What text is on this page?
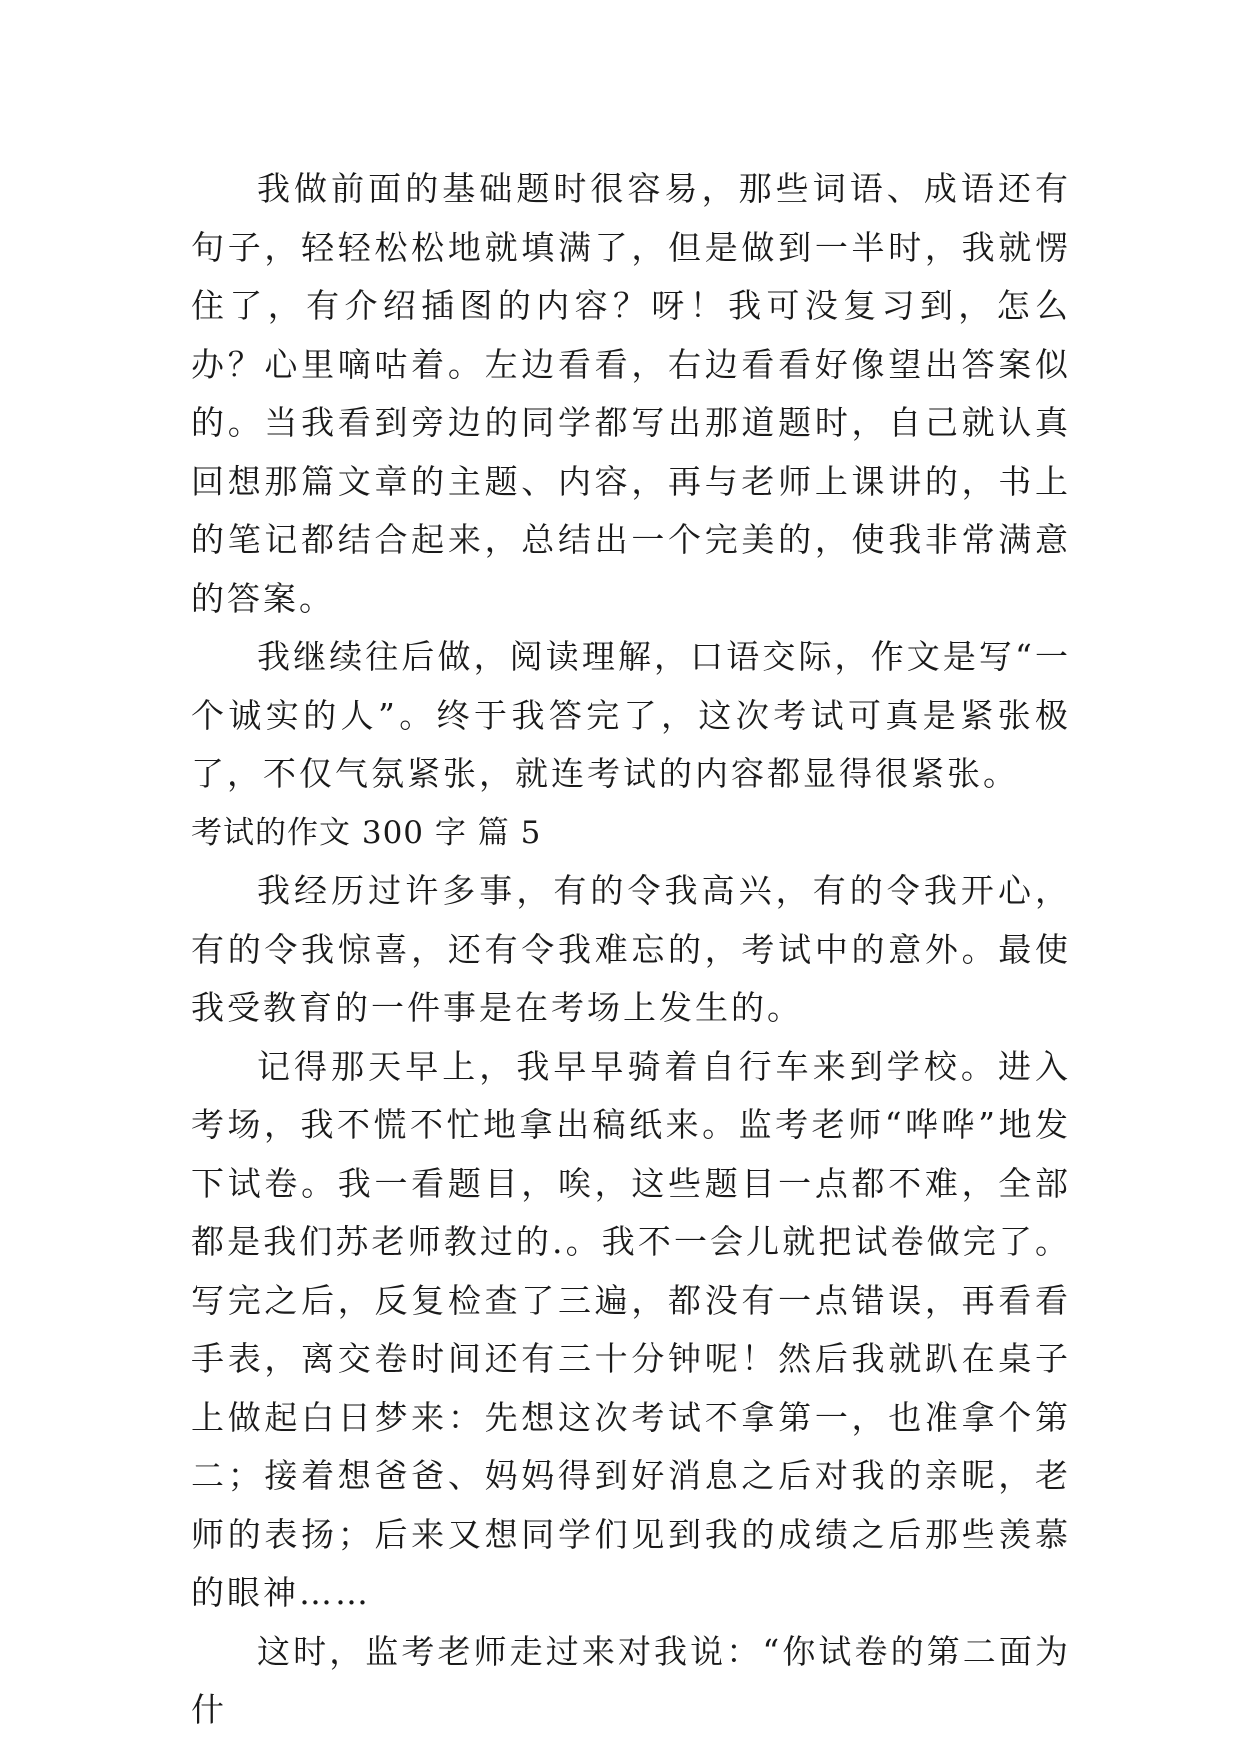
我做前面的基础题时很容易，那些词语、成语还有句子，轻轻松松地就填满了，但是做到一半时，我就愣住了，有介绍插图的内容？呀！我可没复习到，怎么办？心里嘀咕着。左边看看，右边看看好像望出答案似的。当我看到旁边的同学都写出那道题时，自己就认真回想那篇文章的主题、内容，再与老师上课讲的，书上的笔记都结合起来，总结出一个完美的，使我非常满意的答案。

我继续往后做，阅读理解，口语交际，作文是写“一个诚实的人”。终于我答完了，这次考试可真是紧张极了，不仅气氛紧张，就连考试的内容都显得很紧张。

考试的作文 300 字 篇 5

我经历过许多事，有的令我高兴，有的令我开心，有的令我惊喜，还有令我难忘的，考试中的意外。最使我受教育的一件事是在考场上发生的。

记得那天早上，我早早骑着自行车来到学校。进入考场，我不慌不忙地拿出稿纸来。监考老师“哗哗”地发下试卷。我一看题目，唉，这些题目一点都不难，全部都是我们苏老师教过的.。我不一会儿就把试卷做完了。写完之后，反复检查了三遍，都没有一点错误，再看看手表，离交卷时间还有三十分钟呢！然后我就趴在桌子上做起白日梦来：先想这次考试不拿第一，也准拿个第二；接着想爸爸、妈妈得到好消息之后对我的亲昵，老师的表扬；后来又想同学们见到我的成绩之后那些羡慕的眼神……

这时，监考老师走过来对我说：“你试卷的第二面为什
